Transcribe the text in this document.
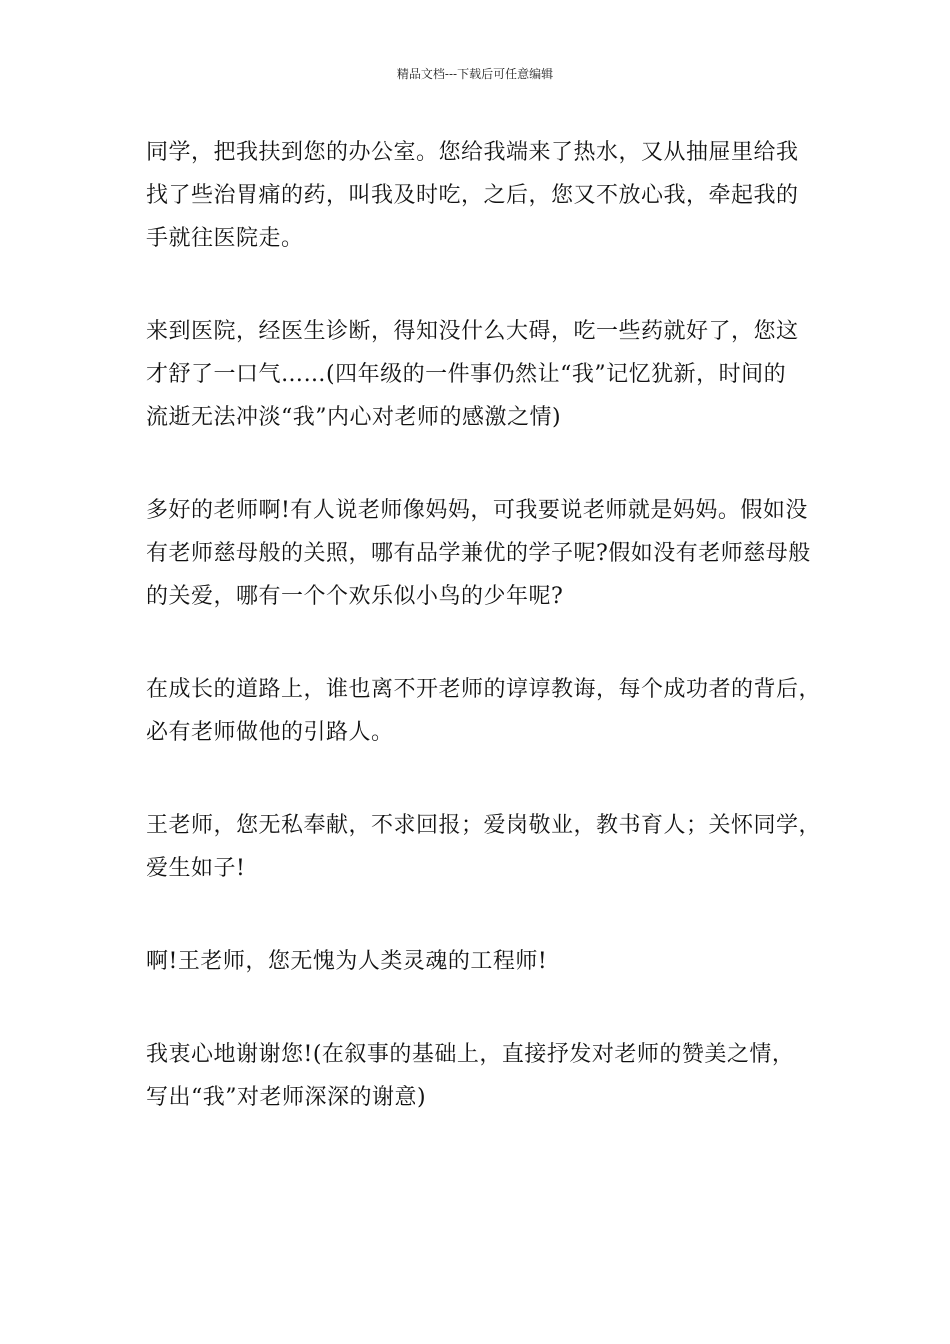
精品文档---下载后可任意编辑

同学，把我扶到您的办公室。您给我端来了热水，又从抽屉里给我
找了些治胃痛的药，叫我及时吃，之后，您又不放心我，牵起我的
手就往医院走。

来到医院，经医生诊断，得知没什么大碍，吃一些药就好了，您这
才舒了一口气……(四年级的一件事仍然让“我”记忆犹新，时间的
流逝无法冲淡“我”内心对老师的感激之情)

多好的老师啊!有人说老师像妈妈，可我要说老师就是妈妈。假如没
有老师慈母般的关照，哪有品学兼优的学子呢?假如没有老师慈母般
的关爱，哪有一个个欢乐似小鸟的少年呢?

在成长的道路上，谁也离不开老师的谆谆教诲，每个成功者的背后，
必有老师做他的引路人。

王老师，您无私奉献，不求回报；爱岗敬业，教书育人；关怀同学，
爱生如子!

啊!王老师，您无愧为人类灵魂的工程师!

我衷心地谢谢您!(在叙事的基础上，直接抒发对老师的赞美之情，
写出“我”对老师深深的谢意)
